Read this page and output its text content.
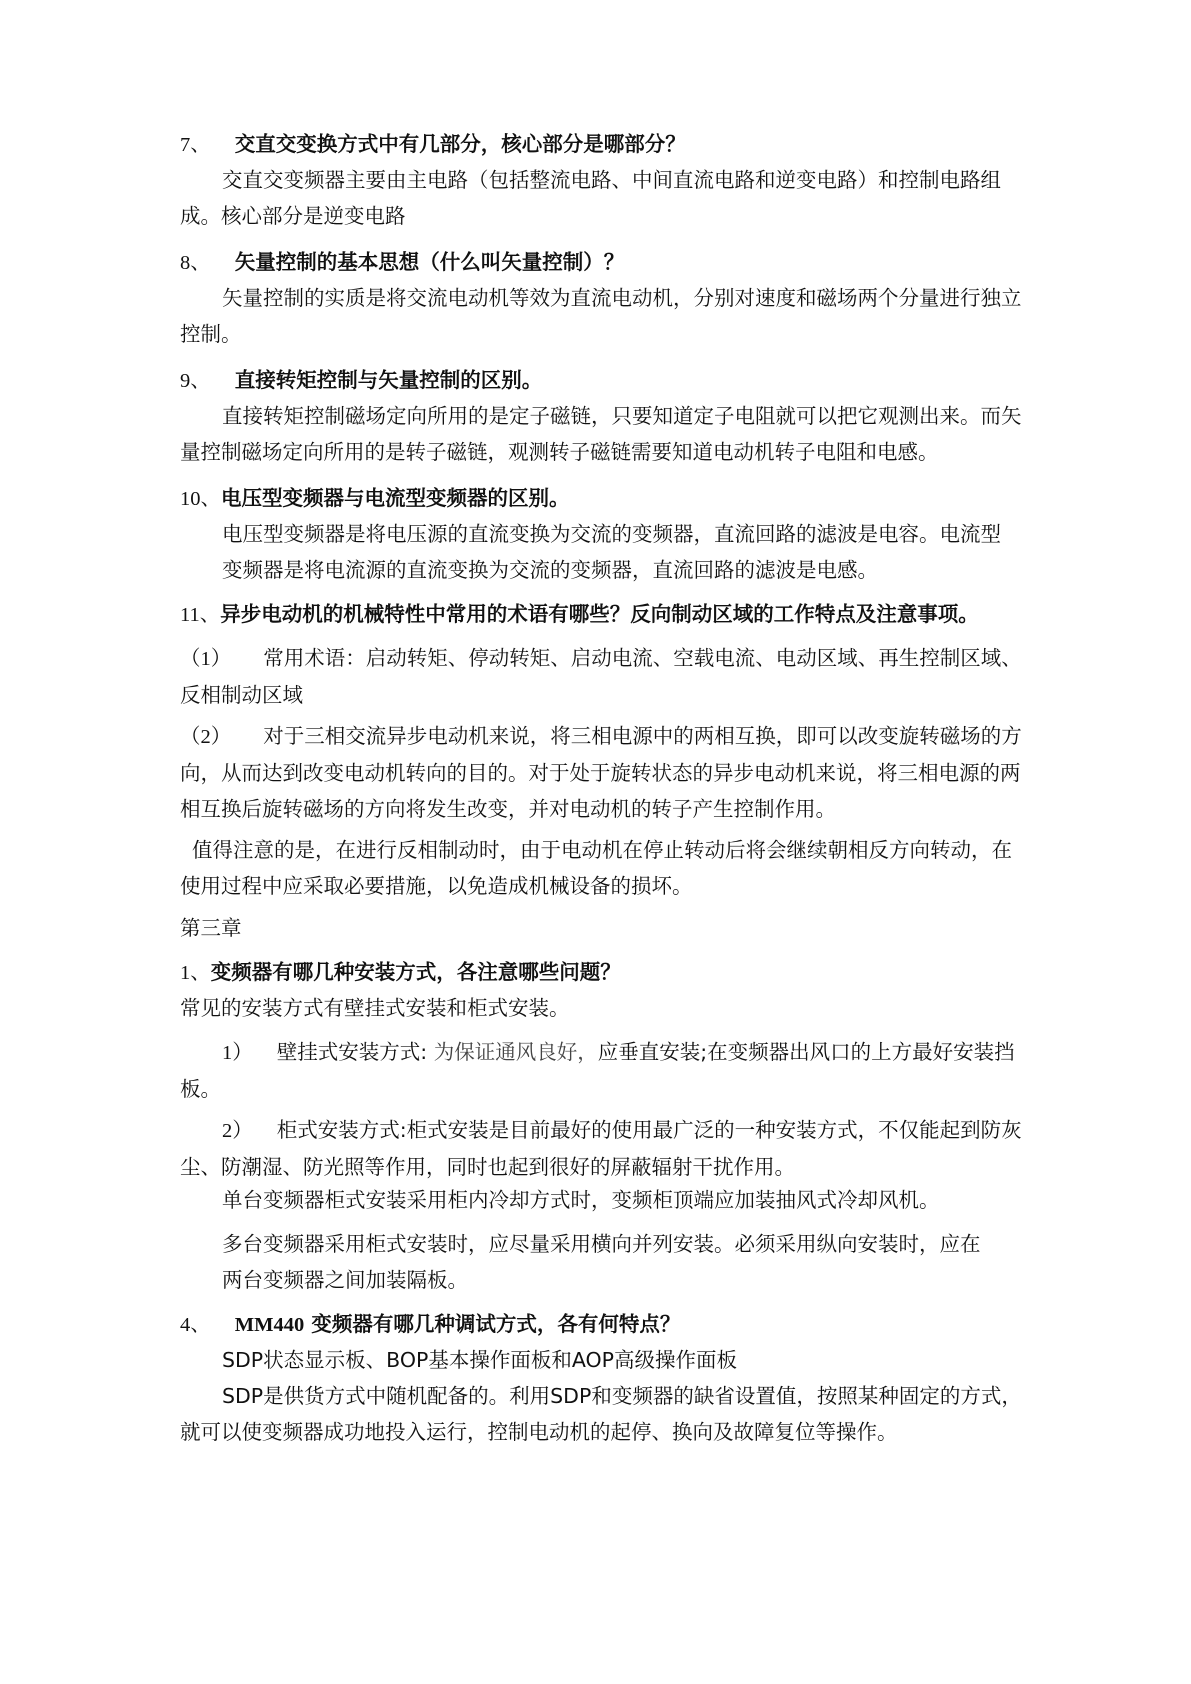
7、 交直交变换方式中有几部分，核心部分是哪部分？

交直交变频器主要由主电路（包括整流电路、中间直流电路和逆变电路）和控制电路组成。核心部分是逆变电路

8、 矢量控制的基本思想（什么叫矢量控制）？

矢量控制的实质是将交流电动机等效为直流电动机，分别对速度和磁场两个分量进行独立控制。

9、 直接转矩控制与矢量控制的区别。

直接转矩控制磁场定向所用的是定子磁链，只要知道定子电阻就可以把它观测出来。而矢量控制磁场定向所用的是转子磁链，观测转子磁链需要知道电动机转子电阻和电感。

10、电压型变频器与电流型变频器的区别。

电压型变频器是将电压源的直流变换为交流的变频器，直流回路的滤波是电容。电流型

变频器是将电流源的直流变换为交流的变频器，直流回路的滤波是电感。

11、异步电动机的机械特性中常用的术语有哪些？反向制动区域的工作特点及注意事项。

（1） 常用术语：启动转矩、停动转矩、启动电流、空载电流、电动区域、再生控制区域、反相制动区域

（2） 对于三相交流异步电动机来说，将三相电源中的两相互换，即可以改变旋转磁场的方向，从而达到改变电动机转向的目的。对于处于旋转状态的异步电动机来说，将三相电源的两相互换后旋转磁场的方向将发生改变，并对电动机的转子产生控制作用。

值得注意的是，在进行反相制动时，由于电动机在停止转动后将会继续朝相反方向转动，在使用过程中应采取必要措施，以免造成机械设备的损坏。

第三章

1、变频器有哪几种安装方式，各注意哪些问题？

常见的安装方式有壁挂式安装和柜式安装。

1） 壁挂式安装方式: 为保证通风良好，应垂直安装;在变频器出风口的上方最好安装挡板。

2） 柜式安装方式:柜式安装是目前最好的使用最广泛的一种安装方式，不仅能起到防灰尘、防潮湿、防光照等作用，同时也起到很好的屏蔽辐射干扰作用。

单台变频器柜式安装采用柜内冷却方式时，变频柜顶端应加装抽风式冷却风机。

多台变频器采用柜式安装时，应尽量采用横向并列安装。必须采用纵向安装时，应在

两台变频器之间加装隔板。

4、 MM440 变频器有哪几种调试方式，各有何特点？

SDP状态显示板、BOP基本操作面板和AOP高级操作面板

SDP是供货方式中随机配备的。利用SDP和变频器的缺省设置值，按照某种固定的方式，就可以使变频器成功地投入运行，控制电动机的起停、换向及故障复位等操作。
